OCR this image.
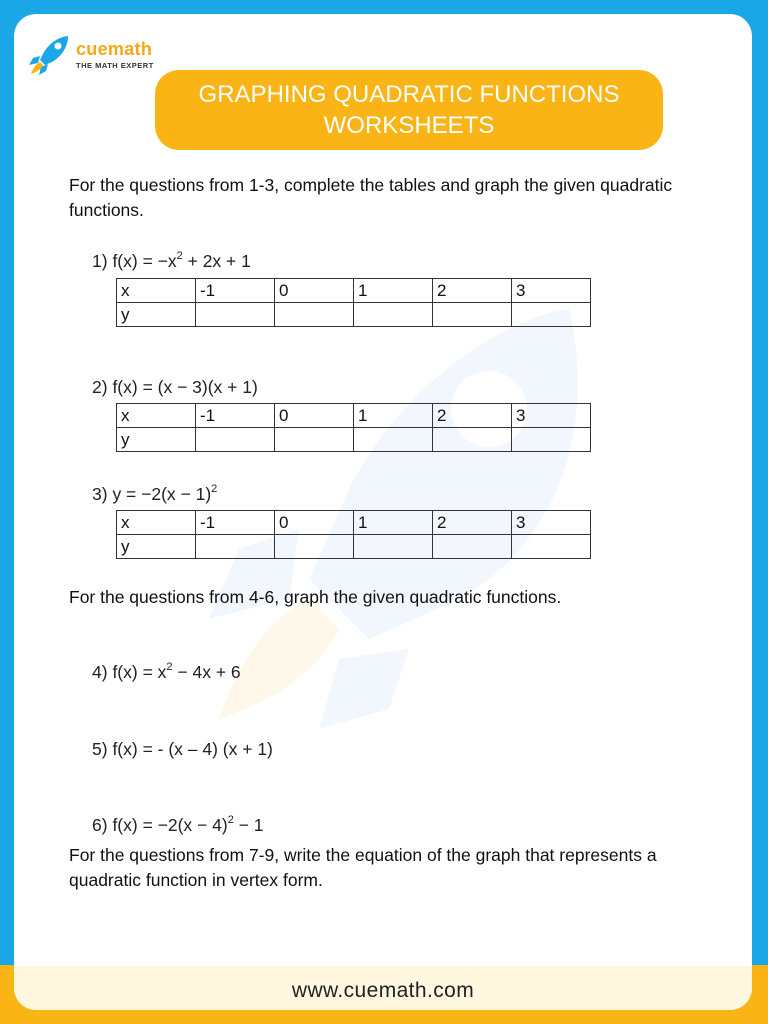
cuemath
THE MATH EXPERT
GRAPHING QUADRATIC FUNCTIONS
WORKSHEETS
For the questions from 1-3, complete the tables and graph the given quadratic functions.
1) $f(x) = -x^2 + 2x + 1$
x	-1	0	1	2	3
y					
2) f(x) = (x − 3)(x + 1)
x	-1	0	1	2	3
y					
3) $y = -2(x - 1)^2$
x	-1	0	1	2	3
y					
For the questions from 4-6, graph the given quadratic functions.
4) $f(x) = x^2 - 4x + 6$
5) f(x) = - (x – 4) (x + 1)
6) $f(x) = -2(x - 4)^2 - 1$
For the questions from 7-9, write the equation of the graph that represents a quadratic function in vertex form.
www.cuemath.com
